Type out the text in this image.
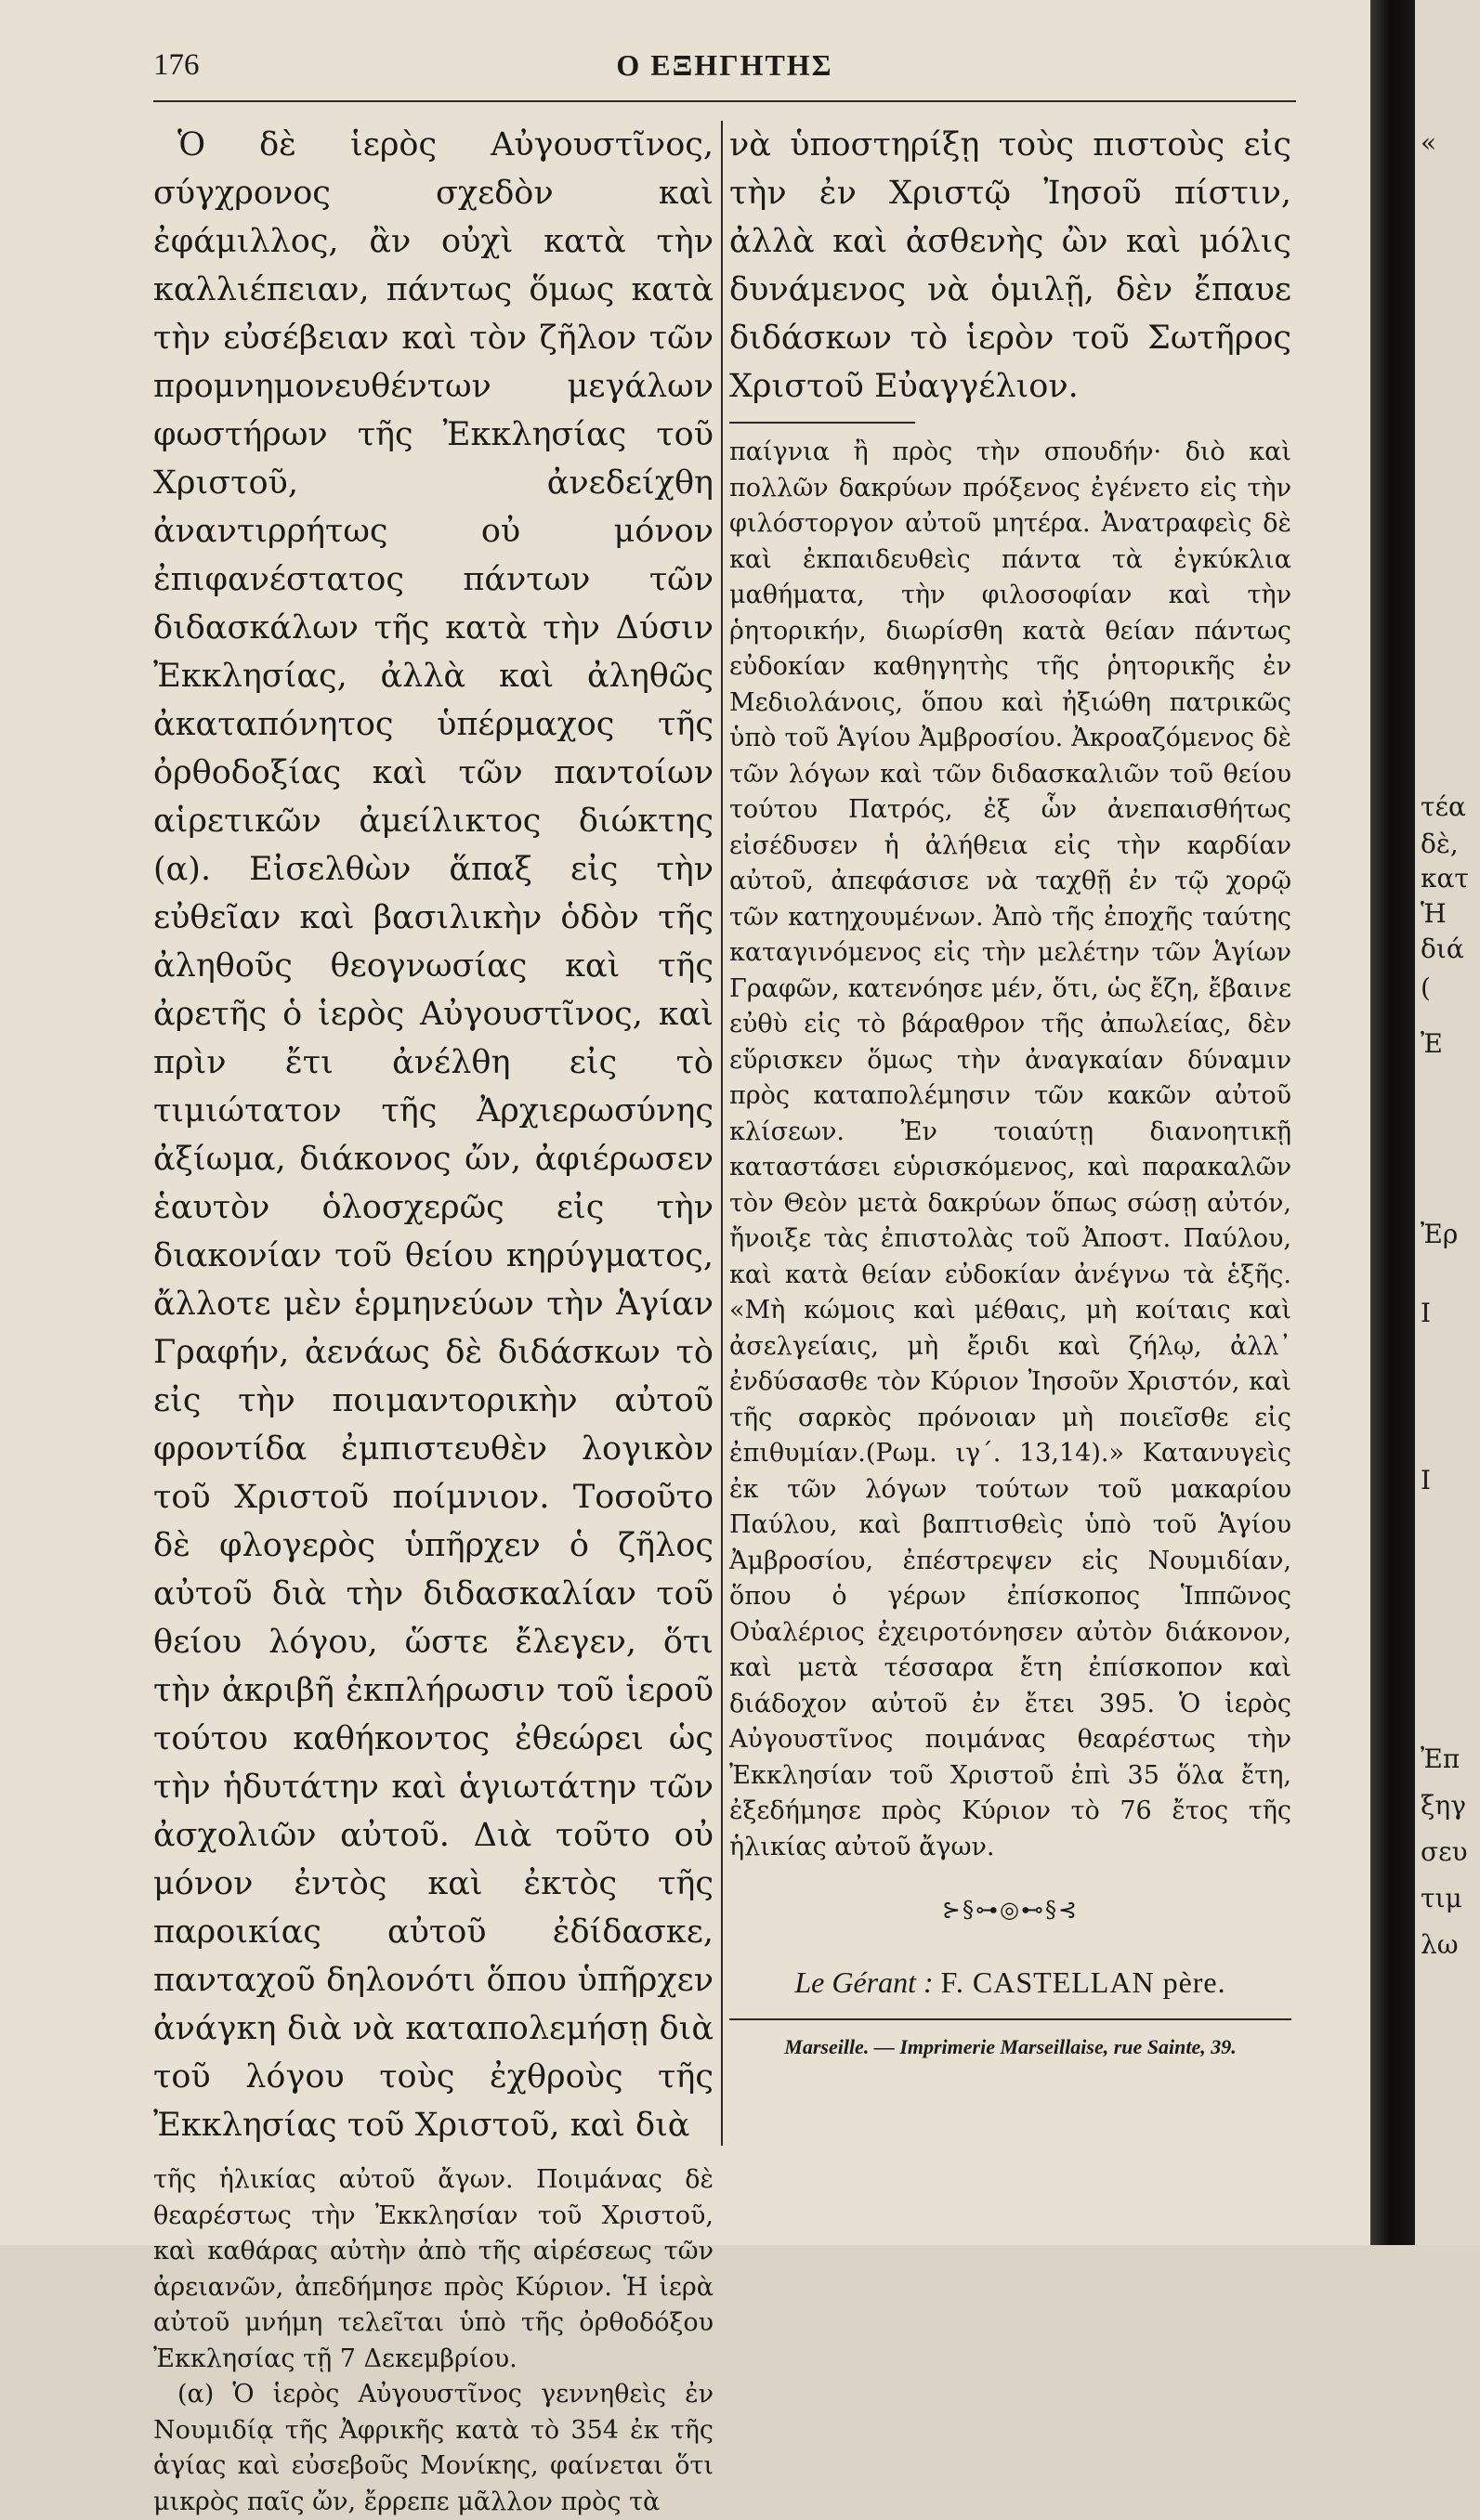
176	Ο ΕΞΗΓΗΤΗΣ

Ὁ δὲ ἱερὸς Αὐγουστῖνος, σύγχρονος σχεδὸν καὶ ἐφάμιλλος, ἂν οὐχὶ κατὰ τὴν καλλιέπειαν, πάντως ὅμως κατὰ τὴν εὐσέβειαν καὶ τὸν ζῆλον τῶν προμνημονευθέντων μεγάλων φωστήρων τῆς Ἐκκλησίας τοῦ Χριστοῦ, ἀνεδείχθη ἀναντιρρήτως οὐ μόνον ἐπιφανέστατος πάντων τῶν διδασκάλων τῆς κατὰ τὴν Δύσιν Ἐκκλησίας, ἀλλὰ καὶ ἀληθῶς ἀκαταπόνητος ὑπέρμαχος τῆς ὀρθοδοξίας καὶ τῶν παντοίων αἱρετικῶν ἀμείλικτος διώκτης (α). Εἰσελθὼν ἅπαξ εἰς τὴν εὐθεῖαν καὶ βασιλικὴν ὁδὸν τῆς ἀληθοῦς θεογνωσίας καὶ τῆς ἀρετῆς ὁ ἱερὸς Αὐγουστῖνος, καὶ πρὶν ἔτι ἀνέλθη εἰς τὸ τιμιώτατον τῆς Ἀρχιερωσύνης ἀξίωμα, διάκονος ὤν, ἀφιέρωσεν ἑαυτὸν ὁλοσχερῶς εἰς τὴν διακονίαν τοῦ θείου κηρύγματος, ἄλλοτε μὲν ἑρμηνεύων τὴν Ἁγίαν Γραφήν, ἀενάως δὲ διδάσκων τὸ εἰς τὴν ποιμαντορικὴν αὐτοῦ φροντίδα ἐμπιστευθὲν λογικὸν τοῦ Χριστοῦ ποίμνιον. Τοσοῦτο δὲ φλογερὸς ὑπῆρχεν ὁ ζῆλος αὐτοῦ διὰ τὴν διδασκαλίαν τοῦ θείου λόγου, ὥστε ἔλεγεν, ὅτι τὴν ἀκριβῆ ἐκπλήρωσιν τοῦ ἱεροῦ τούτου καθήκοντος ἐθεώρει ὡς τὴν ἡδυτάτην καὶ ἁγιωτάτην τῶν ἀσχολιῶν αὐτοῦ. Διὰ τοῦτο οὐ μόνον ἐντὸς καὶ ἐκτὸς τῆς παροικίας αὐτοῦ ἐδίδασκε, πανταχοῦ δηλονότι ὅπου ὑπῆρχεν ἀνάγκη διὰ νὰ καταπολεμήσῃ διὰ τοῦ λόγου τοὺς ἐχθροὺς τῆς Ἐκκλησίας τοῦ Χριστοῦ, καὶ διὰ

τῆς ἡλικίας αὐτοῦ ἄγων. Ποιμάνας δὲ θεαρέστως τὴν Ἐκκλησίαν τοῦ Χριστοῦ, καὶ καθάρας αὐτὴν ἀπὸ τῆς αἱρέσεως τῶν ἀρειανῶν, ἀπεδήμησε πρὸς Κύριον. Ἡ ἱερὰ αὐτοῦ μνήμη τελεῖται ὑπὸ τῆς ὀρθοδόξου Ἐκκλησίας τῇ 7 Δεκεμβρίου.

(α) Ὁ ἱερὸς Αὐγουστῖνος γεννηθεὶς ἐν Νουμιδίᾳ τῆς Ἀφρικῆς κατὰ τὸ 354 ἐκ τῆς ἁγίας καὶ εὐσεβοῦς Μονίκης, φαίνεται ὅτι μικρὸς παῖς ὤν, ἔρρεπε μᾶλλον πρὸς τὰ

νὰ ὑποστηρίξῃ τοὺς πιστοὺς εἰς τὴν ἐν Χριστῷ Ἰησοῦ πίστιν, ἀλλὰ καὶ ἀσθενὴς ὢν καὶ μόλις δυνάμενος νὰ ὁμιλῇ, δὲν ἔπαυε διδάσκων τὸ ἱερὸν τοῦ Σωτῆρος Χριστοῦ Εὐαγγέλιον.

παίγνια ἢ πρὸς τὴν σπουδήν· διὸ καὶ πολλῶν δακρύων πρόξενος ἐγένετο εἰς τὴν φιλόστοργον αὐτοῦ μητέρα. Ἀνατραφεὶς δὲ καὶ ἐκπαιδευθεὶς πάντα τὰ ἐγκύκλια μαθήματα, τὴν φιλοσοφίαν καὶ τὴν ῥητορικήν, διωρίσθη κατὰ θείαν πάντως εὐδοκίαν καθηγητὴς τῆς ῥητορικῆς ἐν Μεδιολάνοις, ὅπου καὶ ἠξιώθη πατρικῶς ὑπὸ τοῦ Ἁγίου Ἀμβροσίου. Ἀκροαζόμενος δὲ τῶν λόγων καὶ τῶν διδασκαλιῶν τοῦ θείου τούτου Πατρός, ἐξ ὧν ἀνεπαισθήτως εἰσέδυσεν ἡ ἀλήθεια εἰς τὴν καρδίαν αὐτοῦ, ἀπεφάσισε νὰ ταχθῇ ἐν τῷ χορῷ τῶν κατηχουμένων. Ἀπὸ τῆς ἐποχῆς ταύτης καταγινόμενος εἰς τὴν μελέτην τῶν Ἁγίων Γραφῶν, κατενόησε μέν, ὅτι, ὡς ἔζη, ἔβαινε εὐθὺ εἰς τὸ βάραθρον τῆς ἀπωλείας, δὲν εὕρισκεν ὅμως τὴν ἀναγκαίαν δύναμιν πρὸς καταπολέμησιν τῶν κακῶν αὐτοῦ κλίσεων. Ἐν τοιαύτῃ διανοητικῇ καταστάσει εὑρισκόμενος, καὶ παρακαλῶν τὸν Θεὸν μετὰ δακρύων ὅπως σώσῃ αὐτόν, ἤνοιξε τὰς ἐπιστολὰς τοῦ Ἀποστ. Παύλου, καὶ κατὰ θείαν εὐδοκίαν ἀνέγνω τὰ ἑξῆς. «Μὴ κώμοις καὶ μέθαις, μὴ κοίταις καὶ ἀσελγείαις, μὴ ἔριδι καὶ ζήλῳ, ἀλλ᾽ ἐνδύσασθε τὸν Κύριον Ἰησοῦν Χριστόν, καὶ τῆς σαρκὸς πρόνοιαν μὴ ποιεῖσθε εἰς ἐπιθυμίαν.(Ρωμ. ιγ΄. 13,14).» Κατανυγεὶς ἐκ τῶν λόγων τούτων τοῦ μακαρίου Παύλου, καὶ βαπτισθεὶς ὑπὸ τοῦ Ἁγίου Ἀμβροσίου, ἐπέστρεψεν εἰς Νουμιδίαν, ὅπου ὁ γέρων ἐπίσκοπος Ἱππῶνος Οὐαλέριος ἐχειροτόνησεν αὐτὸν διάκονον, καὶ μετὰ τέσσαρα ἔτη ἐπίσκοπον καὶ διάδοχον αὐτοῦ ἐν ἔτει 395. Ὁ ἱερὸς Αὐγουστῖνος ποιμάνας θεαρέστως τὴν Ἐκκλησίαν τοῦ Χριστοῦ ἐπὶ 35 ὅλα ἔτη, ἐξεδήμησε πρὸς Κύριον τὸ 76 ἔτος τῆς ἡλικίας αὐτοῦ ἄγων.

⊱§⊶◎⊷§⊰

Le Gérant : F. CASTELLAN père.

Marseille. — Imprimerie Marseillaise, rue Sainte, 39.

«
τέα
δὲ,
κατ
Ἡ
διά
(
Ἐ
Ἐρ
Ι
Ι
Ἐπ
ξηγ
σευ
τιμ
λω
